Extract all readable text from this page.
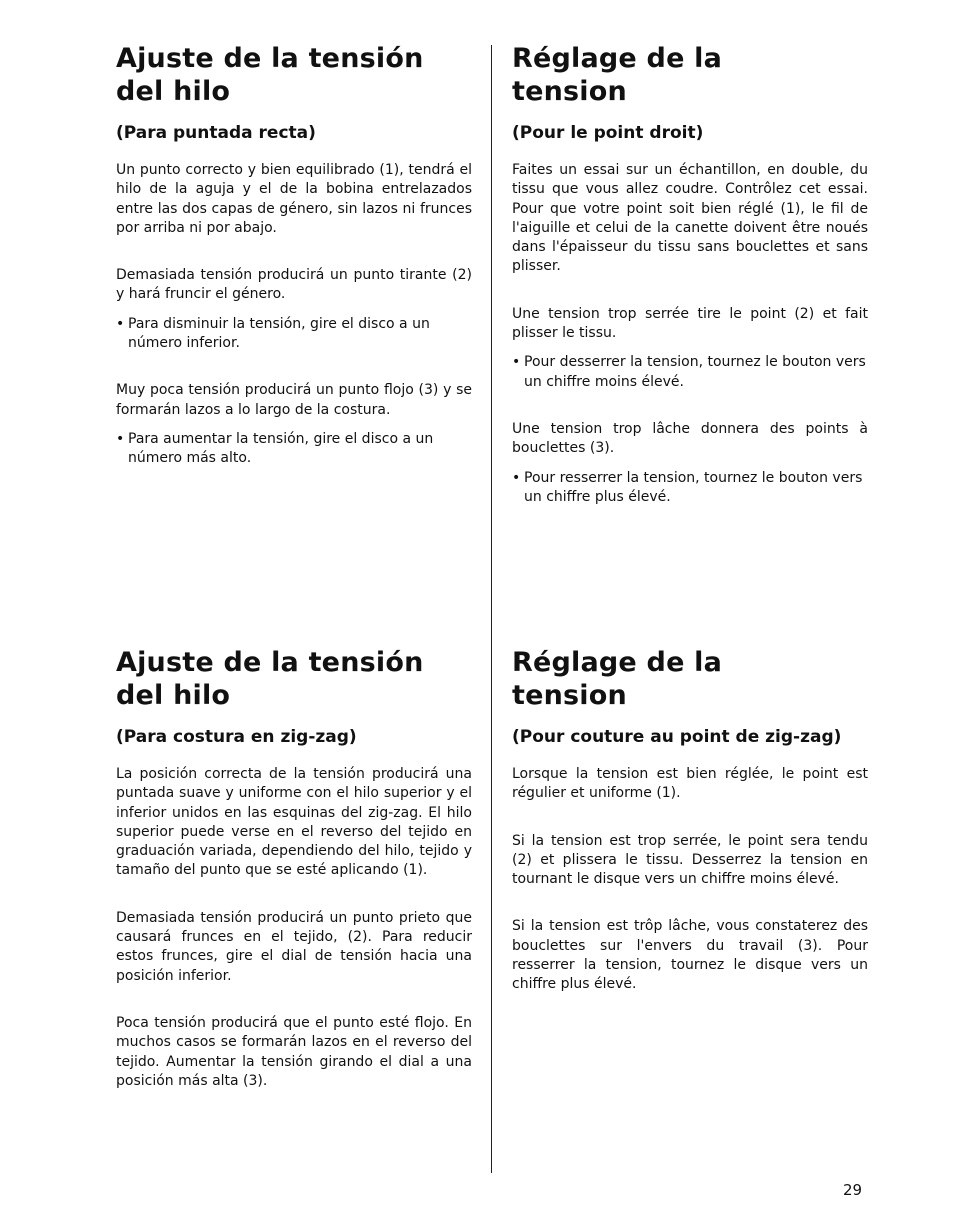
Ajuste de la tensión
del hilo
(Para puntada recta)

Un punto correcto y bien equilibrado (1), tendrá el hilo de la aguja y el de la bobina entrelazados entre las dos capas de género, sin lazos ni frunces por arriba ni por abajo.

Demasiada tensión producirá un punto tirante (2) y hará fruncir el género.

• Para disminuir la tensión, gire el disco a un número inferior.

Muy poca tensión producirá un punto flojo (3) y se formarán lazos a lo largo de la costura.

• Para aumentar la tensión, gire el disco a un número más alto.
Réglage de la
tension
(Pour le point droit)

Faites un essai sur un échantillon, en double, du tissu que vous allez coudre. Contrôlez cet essai. Pour que votre point soit bien réglé (1), le fil de l'aiguille et celui de la canette doivent être noués dans l'épaisseur du tissu sans bouclettes et sans plisser.

Une tension trop serrée tire le point (2) et fait plisser le tissu.

• Pour desserrer la tension, tournez le bouton vers un chiffre moins élevé.

Une tension trop lâche donnera des points à bouclettes (3).

• Pour resserrer la tension, tournez le bouton vers un chiffre plus élevé.
Ajuste de la tensión
del hilo
(Para costura en zig-zag)

La posición correcta de la tensión producirá una puntada suave y uniforme con el hilo superior y el inferior unidos en las esquinas del zig-zag. El hilo superior puede verse en el reverso del tejido en graduación variada, dependiendo del hilo, tejido y tamaño del punto que se esté aplicando (1).

Demasiada tensión producirá un punto prieto que causará frunces en el tejido, (2). Para reducir estos frunces, gire el dial de tensión hacia una posición inferior.

Poca tensión producirá que el punto esté flojo. En muchos casos se formarán lazos en el reverso del tejido. Aumentar la tensión girando el dial a una posición más alta (3).

Réglage de la
tension
(Pour couture au point de zig-zag)

Lorsque la tension est bien réglée, le point est régulier et uniforme (1).

Si la tension est trop serrée, le point sera tendu (2) et plissera le tissu. Desserrez la tension en tournant le disque vers un chiffre moins élevé.

Si la tension est trôp lâche, vous constaterez des bouclettes sur l'envers du travail (3). Pour resserrer la tension, tournez le disque vers un chiffre plus élevé.

29
